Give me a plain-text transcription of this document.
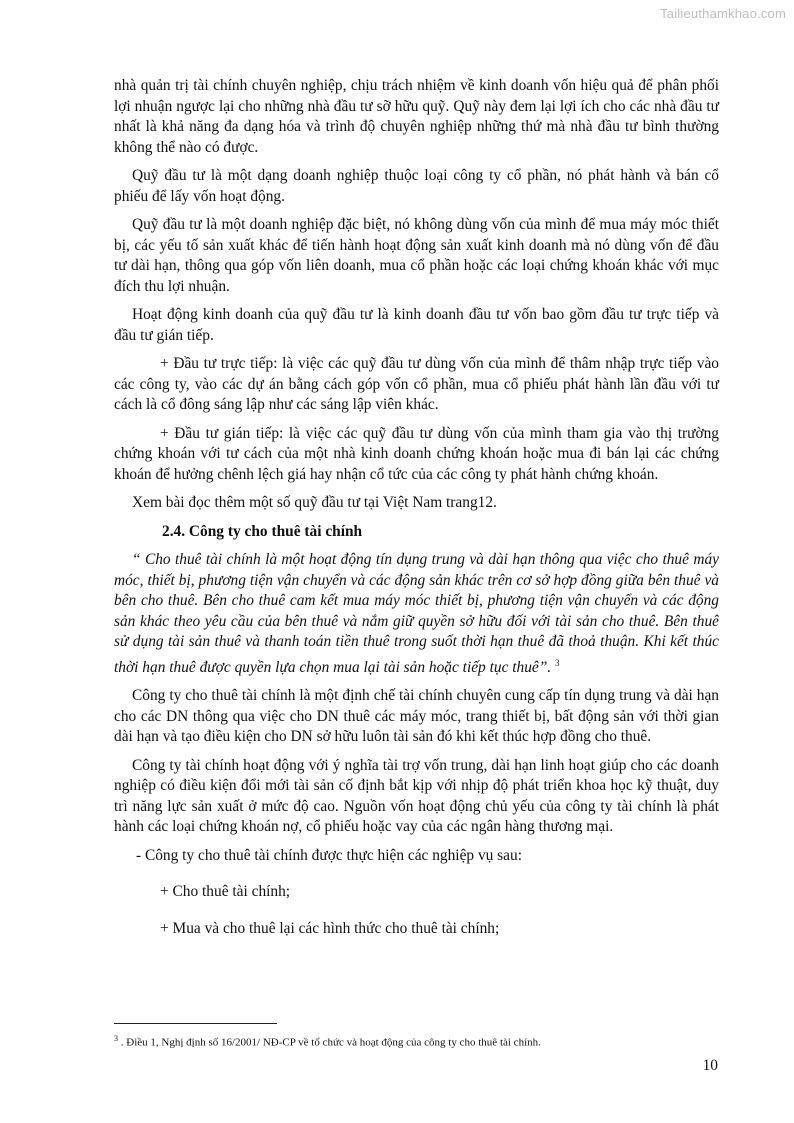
Tailieuthamkhao.com

nhà quản trị tài chính chuyên nghiệp, chịu trách nhiệm về kinh doanh vốn hiệu quả để phân phối lợi nhuận ngược lại cho những nhà đầu tư sỡ hữu quỹ. Quỹ này đem lại lợi ích cho các nhà đầu tư nhất là khả năng đa dạng hóa và trình độ chuyên nghiệp những thứ mà nhà đầu tư bình thường không thể nào có được.

Quỹ đầu tư là một dạng doanh nghiệp thuộc loại công ty cổ phần, nó phát hành và bán cổ phiếu để lấy vốn hoạt động.

Quỹ đầu tư là một doanh nghiệp đặc biệt, nó không dùng vốn của mình để mua máy móc thiết bị, các yếu tố sản xuất khác để tiến hành hoạt động sản xuất kinh doanh mà nó dùng vốn để đầu tư dài hạn, thông qua góp vốn liên doanh, mua cổ phần hoặc các loại chứng khoán khác với mục đích thu lợi nhuận.

Hoạt động kinh doanh của quỹ đầu tư là kinh doanh đầu tư vốn bao gồm đầu tư trực tiếp và đầu tư gián tiếp.

+ Đầu tư trực tiếp: là việc các quỹ đầu tư dùng vốn của mình để thâm nhập trực tiếp vào các công ty, vào các dự án bằng cách góp vốn cổ phần, mua cổ phiếu phát hành lần đầu với tư cách là cổ đông sáng lập như các sáng lập viên khác.

+ Đầu tư gián tiếp: là việc các quỹ đầu tư dùng vốn của mình tham gia vào thị trường chứng khoán với tư cách của một nhà kinh doanh chứng khoán hoặc mua đi bán lại các chứng khoán để hưởng chênh lệch giá hay nhận cổ tức của các công ty phát hành chứng khoán.

Xem bài đọc thêm một số quỹ đầu tư tại Việt Nam trang12.

2.4. Công ty cho thuê tài chính

“ Cho thuê tài chính là một hoạt động tín dụng trung và dài hạn thông qua việc cho thuê máy móc, thiết bị, phương tiện vận chuyển và các động sản khác trên cơ sở hợp đồng giữa bên thuê và bên cho thuê. Bên cho thuê cam kết mua máy móc thiết bị, phương tiện vận chuyển và các động sản khác theo yêu cầu của bên thuê và nắm giữ quyền sở hữu đối với tài sản cho thuê. Bên thuê sử dụng tài sản thuê và thanh toán tiền thuê trong suốt thời hạn thuê đã thoả thuận. Khi kết thúc thời hạn thuê được quyền lựa chọn mua lại tài sản hoặc tiếp tục thuê”. $^3$

Công ty cho thuê tài chính là một định chế tài chính chuyên cung cấp tín dụng trung và dài hạn cho các DN thông qua việc cho DN thuê các máy móc, trang thiết bị, bất động sản với thời gian dài hạn và tạo điều kiện cho DN sở hữu luôn tài sản đó khi kết thúc hợp đồng cho thuê.

Công ty tài chính hoạt động với ý nghĩa tài trợ vốn trung, dài hạn linh hoạt giúp cho các doanh nghiệp có điều kiện đổi mới tài sản cố định bắt kịp với nhịp độ phát triển khoa học kỹ thuật, duy trì năng lực sản xuất ở mức độ cao. Nguồn vốn hoạt động chủ yếu của công ty tài chính là phát hành các loại chứng khoán nợ, cổ phiếu hoặc vay của các ngân hàng thương mại.

- Công ty cho thuê tài chính được thực hiện các nghiệp vụ sau:

+ Cho thuê tài chính;

+ Mua và cho thuê lại các hình thức cho thuê tài chính;

$^3$ . Điều 1, Nghị định số 16/2001/ NĐ-CP về tổ chức và hoạt động của công ty cho thuê tài chính.
10
